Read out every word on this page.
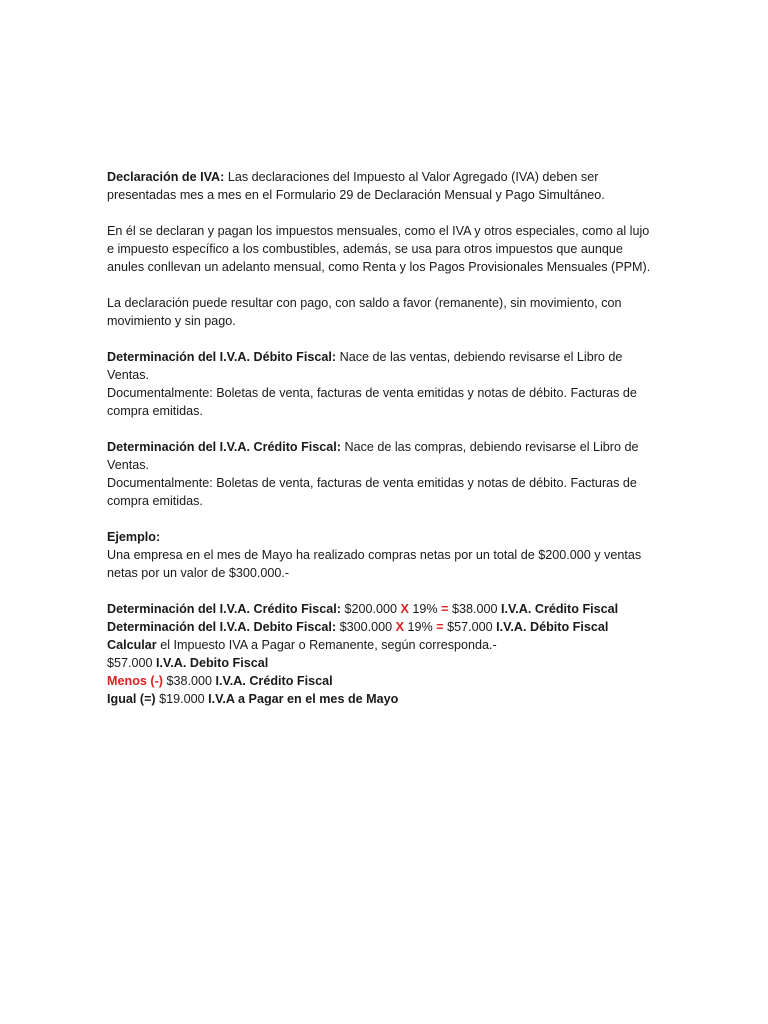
Declaración de IVA: Las declaraciones del Impuesto al Valor Agregado (IVA) deben ser presentadas mes a mes en el Formulario 29 de Declaración Mensual y Pago Simultáneo.

En él se declaran y pagan los impuestos mensuales, como el IVA y otros especiales, como al lujo e impuesto específico a los combustibles, además, se usa para otros impuestos que aunque anules conllevan un adelanto mensual, como Renta y los Pagos Provisionales Mensuales (PPM).

La declaración puede resultar con pago, con saldo a favor (remanente), sin movimiento, con movimiento y sin pago.

Determinación del I.V.A. Débito Fiscal: Nace de las ventas, debiendo revisarse el Libro de Ventas.

Documentalmente: Boletas de venta, facturas de venta emitidas y notas de débito. Facturas de compra emitidas.

Determinación del I.V.A. Crédito Fiscal: Nace de las compras, debiendo revisarse el Libro de Ventas.

Documentalmente: Boletas de venta, facturas de venta emitidas y notas de débito. Facturas de compra emitidas.

Ejemplo:

Una empresa en el mes de Mayo ha realizado compras netas por un total de $200.000 y ventas netas por un valor de $300.000.-

Determinación del I.V.A. Crédito Fiscal: $200.000 X 19% = $38.000 I.V.A. Crédito Fiscal

Determinación del I.V.A. Debito Fiscal: $300.000 X 19% = $57.000 I.V.A. Débito Fiscal

Calcular el Impuesto IVA a Pagar o Remanente, según corresponda.-

$57.000 I.V.A. Debito Fiscal

Menos (-) $38.000 I.V.A. Crédito Fiscal

Igual (=) $19.000 I.V.A a Pagar en el mes de Mayo
